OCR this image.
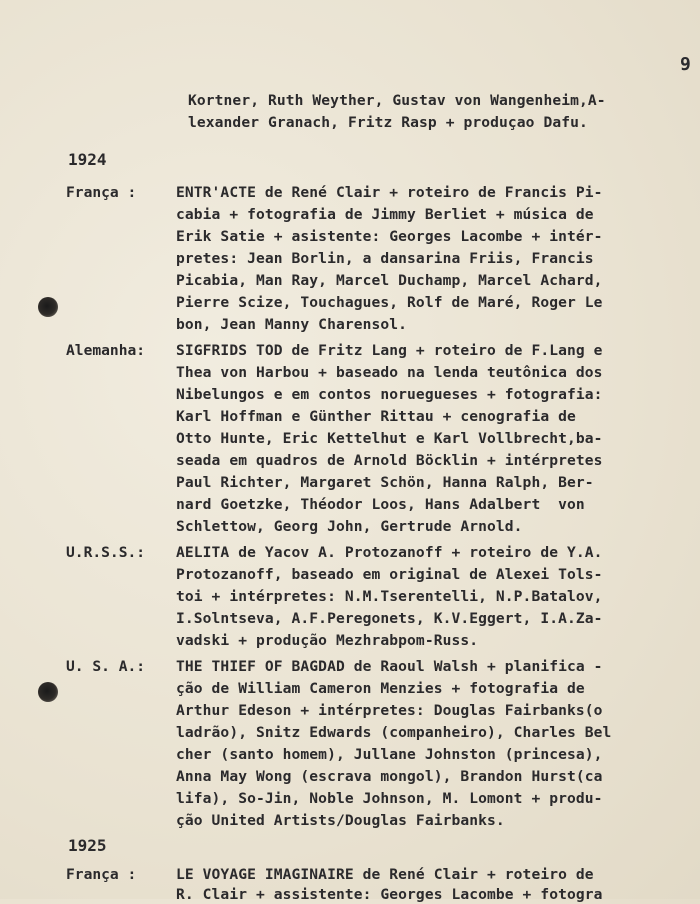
9
Kortner, Ruth Weyther, Gustav von Wangenheim,A-
lexander Granach, Fritz Rasp + produçao Dafu.
1924
França :	ENTR'ACTE de René Clair + roteiro de Francis Pi-
cabia + fotografia de Jimmy Berliet + música de
Erik Satie + asistente: Georges Lacombe + intér-
pretes: Jean Borlin, a dansarina Friis, Francis
Picabia, Man Ray, Marcel Duchamp, Marcel Achard,
Pierre Scize, Touchagues, Rolf de Maré, Roger Le
bon, Jean Manny Charensol.
Alemanha: SIGFRIDS TOD de Fritz Lang + roteiro de F.Lang e
Thea von Harbou + baseado na lenda teutônica dos
Nibelungos e em contos noruegueses + fotografia:
Karl Hoffman e Günther Rittau + cenografia de
Otto Hunte, Eric Kettelhut e Karl Vollbrecht,ba-
seada em quadros de Arnold Böcklin + intérpretes
Paul Richter, Margaret Schön, Hanna Ralph, Ber-
nard Goetzke, Théodor Loos, Hans Adalbert  von
Schlettow, Georg John, Gertrude Arnold.
U.R.S.S.: AELITA de Yacov A. Protozanoff + roteiro de Y.A.
Protozanoff, baseado em original de Alexei Tols-
toi + intérpretes: N.M.Tserentelli, N.P.Batalov,
I.Solntseva, A.F.Peregonets, K.V.Eggert, I.A.Za-
vadski + produção Mezhrabpom-Russ.
U. S. A.: THE THIEF OF BAGDAD de Raoul Walsh + planifica -
ção de William Cameron Menzies + fotografia de
Arthur Edeson + intérpretes: Douglas Fairbanks(o
ladrão), Snitz Edwards (companheiro), Charles Bel
cher (santo homem), Jullane Johnston (princesa),
Anna May Wong (escrava mongol), Brandon Hurst(ca
lifa), So-Jin, Noble Johnson, M. Lomont + produ-
ção United Artists/Douglas Fairbanks.
1925
França :	LE VOYAGE IMAGINAIRE de René Clair + roteiro de
R. Clair + assistente: Georges Lacombe + fotogra
